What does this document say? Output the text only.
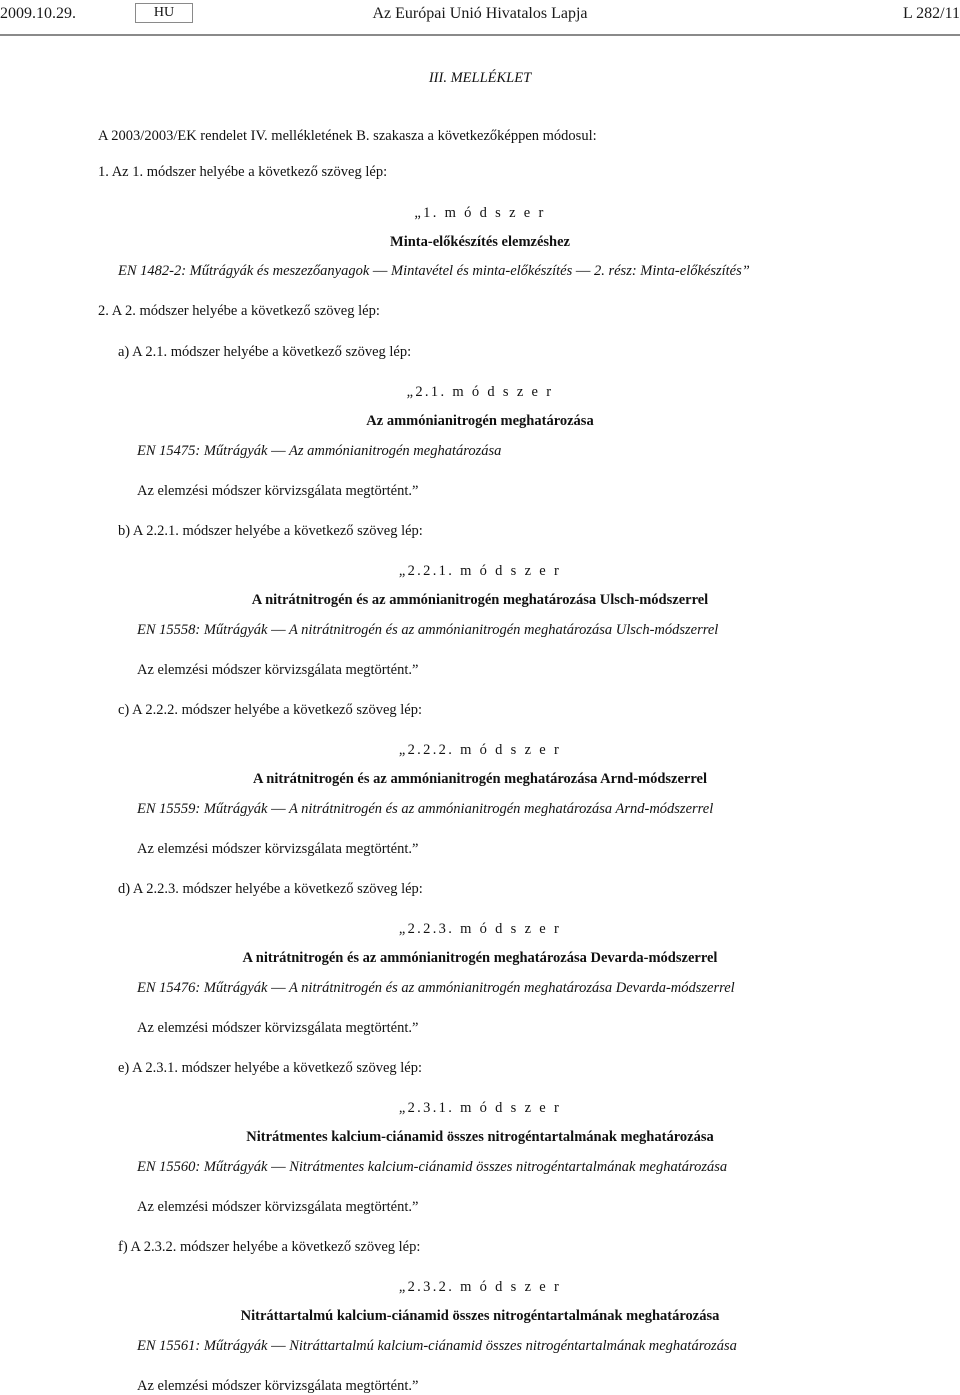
2009.10.29.	HU	Az Európai Unió Hivatalos Lapja	L 282/11
III. MELLÉKLET
A 2003/2003/EK rendelet IV. mellékletének B. szakasza a következőképpen módosul:
1. Az 1. módszer helyébe a következő szöveg lép:
„1. m ó d s z e r
Minta-előkészítés elemzéshez
EN 1482-2: Műtrágyák és meszezőanyagok ― Mintavétel és minta-előkészítés ― 2. rész: Minta-előkészítés”
2. A 2. módszer helyébe a következő szöveg lép:
a) A 2.1. módszer helyébe a következő szöveg lép:
„2.1. m ó d s z e r
Az ammónianitrogén meghatározása
EN 15475: Műtrágyák ― Az ammónianitrogén meghatározása
Az elemzési módszer körvizsgálata megtörtént.”
b) A 2.2.1. módszer helyébe a következő szöveg lép:
„2.2.1. m ó d s z e r
A nitrátnitrogén és az ammónianitrogén meghatározása Ulsch-módszerrel
EN 15558: Műtrágyák ― A nitrátnitrogén és az ammónianitrogén meghatározása Ulsch-módszerrel
Az elemzési módszer körvizsgálata megtörtént.”
c) A 2.2.2. módszer helyébe a következő szöveg lép:
„2.2.2. m ó d s z e r
A nitrátnitrogén és az ammónianitrogén meghatározása Arnd-módszerrel
EN 15559: Műtrágyák ― A nitrátnitrogén és az ammónianitrogén meghatározása Arnd-módszerrel
Az elemzési módszer körvizsgálata megtörtént.”
d) A 2.2.3. módszer helyébe a következő szöveg lép:
„2.2.3. m ó d s z e r
A nitrátnitrogén és az ammónianitrogén meghatározása Devarda-módszerrel
EN 15476: Műtrágyák ― A nitrátnitrogén és az ammónianitrogén meghatározása Devarda-módszerrel
Az elemzési módszer körvizsgálata megtörtént.”
e) A 2.3.1. módszer helyébe a következő szöveg lép:
„2.3.1. m ó d s z e r
Nitrátmentes kalcium-ciánamid összes nitrogéntartalmának meghatározása
EN 15560: Műtrágyák ― Nitrátmentes kalcium-ciánamid összes nitrogéntartalmának meghatározása
Az elemzési módszer körvizsgálata megtörtént.”
f) A 2.3.2. módszer helyébe a következő szöveg lép:
„2.3.2. m ó d s z e r
Nitráttartalmú kalcium-ciánamid összes nitrogéntartalmának meghatározása
EN 15561: Műtrágyák ― Nitráttartalmú kalcium-ciánamid összes nitrogéntartalmának meghatározása
Az elemzési módszer körvizsgálata megtörtént.”
